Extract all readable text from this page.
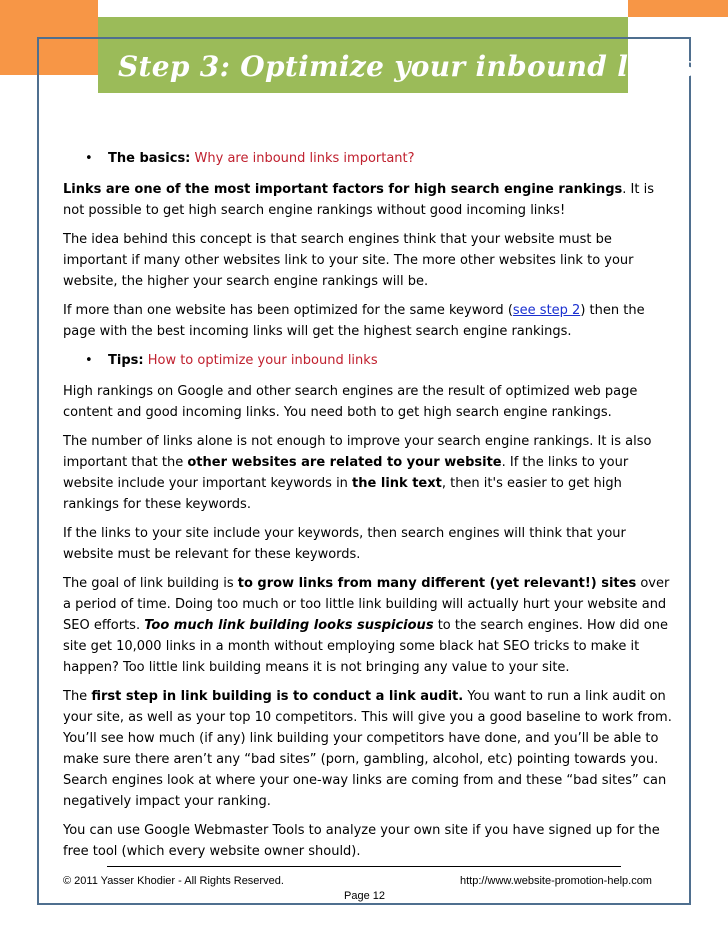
Step 3: Optimize your inbound links
• The basics: Why are inbound links important?

Links are one of the most important factors for high search engine rankings. It is not possible to get high search engine rankings without good incoming links!

The idea behind this concept is that search engines think that your website must be important if many other websites link to your site. The more other websites link to your website, the higher your search engine rankings will be.

If more than one website has been optimized for the same keyword (see step 2) then the page with the best incoming links will get the highest search engine rankings.

• Tips: How to optimize your inbound links

High rankings on Google and other search engines are the result of optimized web page content and good incoming links. You need both to get high search engine rankings.

The number of links alone is not enough to improve your search engine rankings. It is also important that the other websites are related to your website. If the links to your website include your important keywords in the link text, then it's easier to get high rankings for these keywords.

If the links to your site include your keywords, then search engines will think that your website must be relevant for these keywords.

The goal of link building is to grow links from many different (yet relevant!) sites over a period of time. Doing too much or too little link building will actually hurt your website and SEO efforts. Too much link building looks suspicious to the search engines. How did one site get 10,000 links in a month without employing some black hat SEO tricks to make it happen? Too little link building means it is not bringing any value to your site.

The first step in link building is to conduct a link audit. You want to run a link audit on your site, as well as your top 10 competitors. This will give you a good baseline to work from. You’ll see how much (if any) link building your competitors have done, and you’ll be able to make sure there aren’t any “bad sites” (porn, gambling, alcohol, etc) pointing towards you. Search engines look at where your one-way links are coming from and these “bad sites” can negatively impact your ranking.

You can use Google Webmaster Tools to analyze your own site if you have signed up for the free tool (which every website owner should).

© 2011 Yasser Khodier - All Rights Reserved.	http://www.website-promotion-help.com
Page 12
